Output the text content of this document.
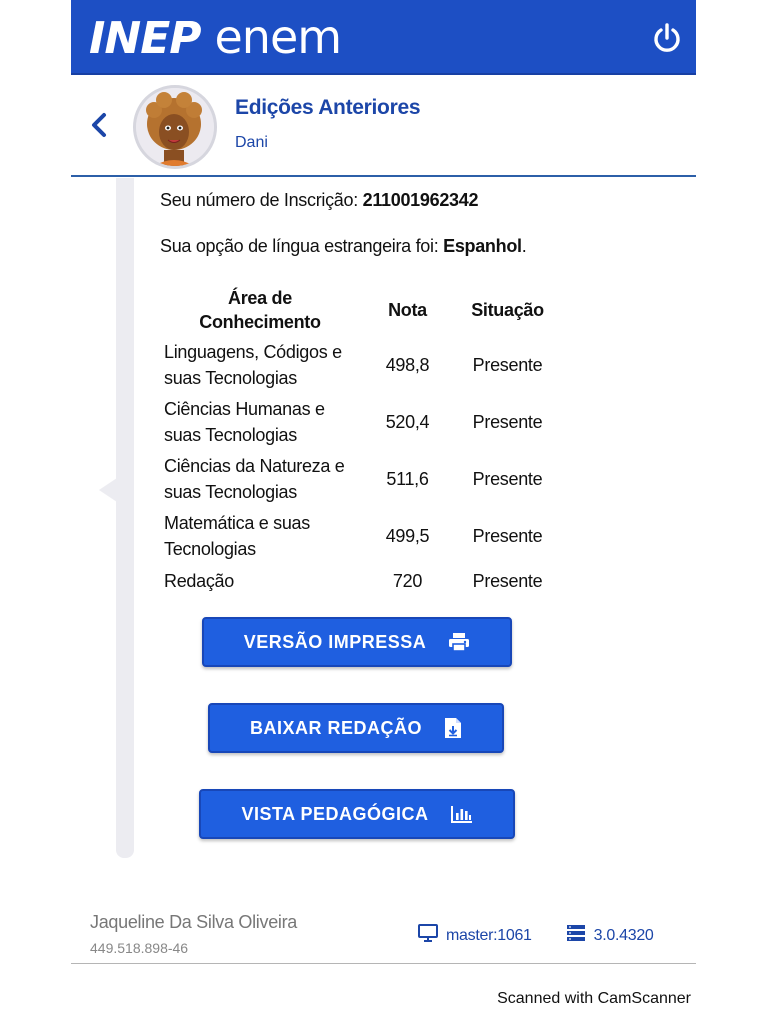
INEP enem
Edições Anteriores
Dani
Seu número de Inscrição: 211001962342
Sua opção de língua estrangeira foi: Espanhol.
Área de Conhecimento	Nota	Situação
Linguagens, Códigos e suas Tecnologias	498,8	Presente
Ciências Humanas e suas Tecnologias	520,4	Presente
Ciências da Natureza e suas Tecnologias	511,6	Presente
Matemática e suas Tecnologias	499,5	Presente
Redação	720	Presente
VERSÃO IMPRESSA
BAIXAR REDAÇÃO
VISTA PEDAGÓGICA
Jaqueline Da Silva Oliveira
449.518.898-46
master:1061	3.0.4320
Scanned with CamScanner
